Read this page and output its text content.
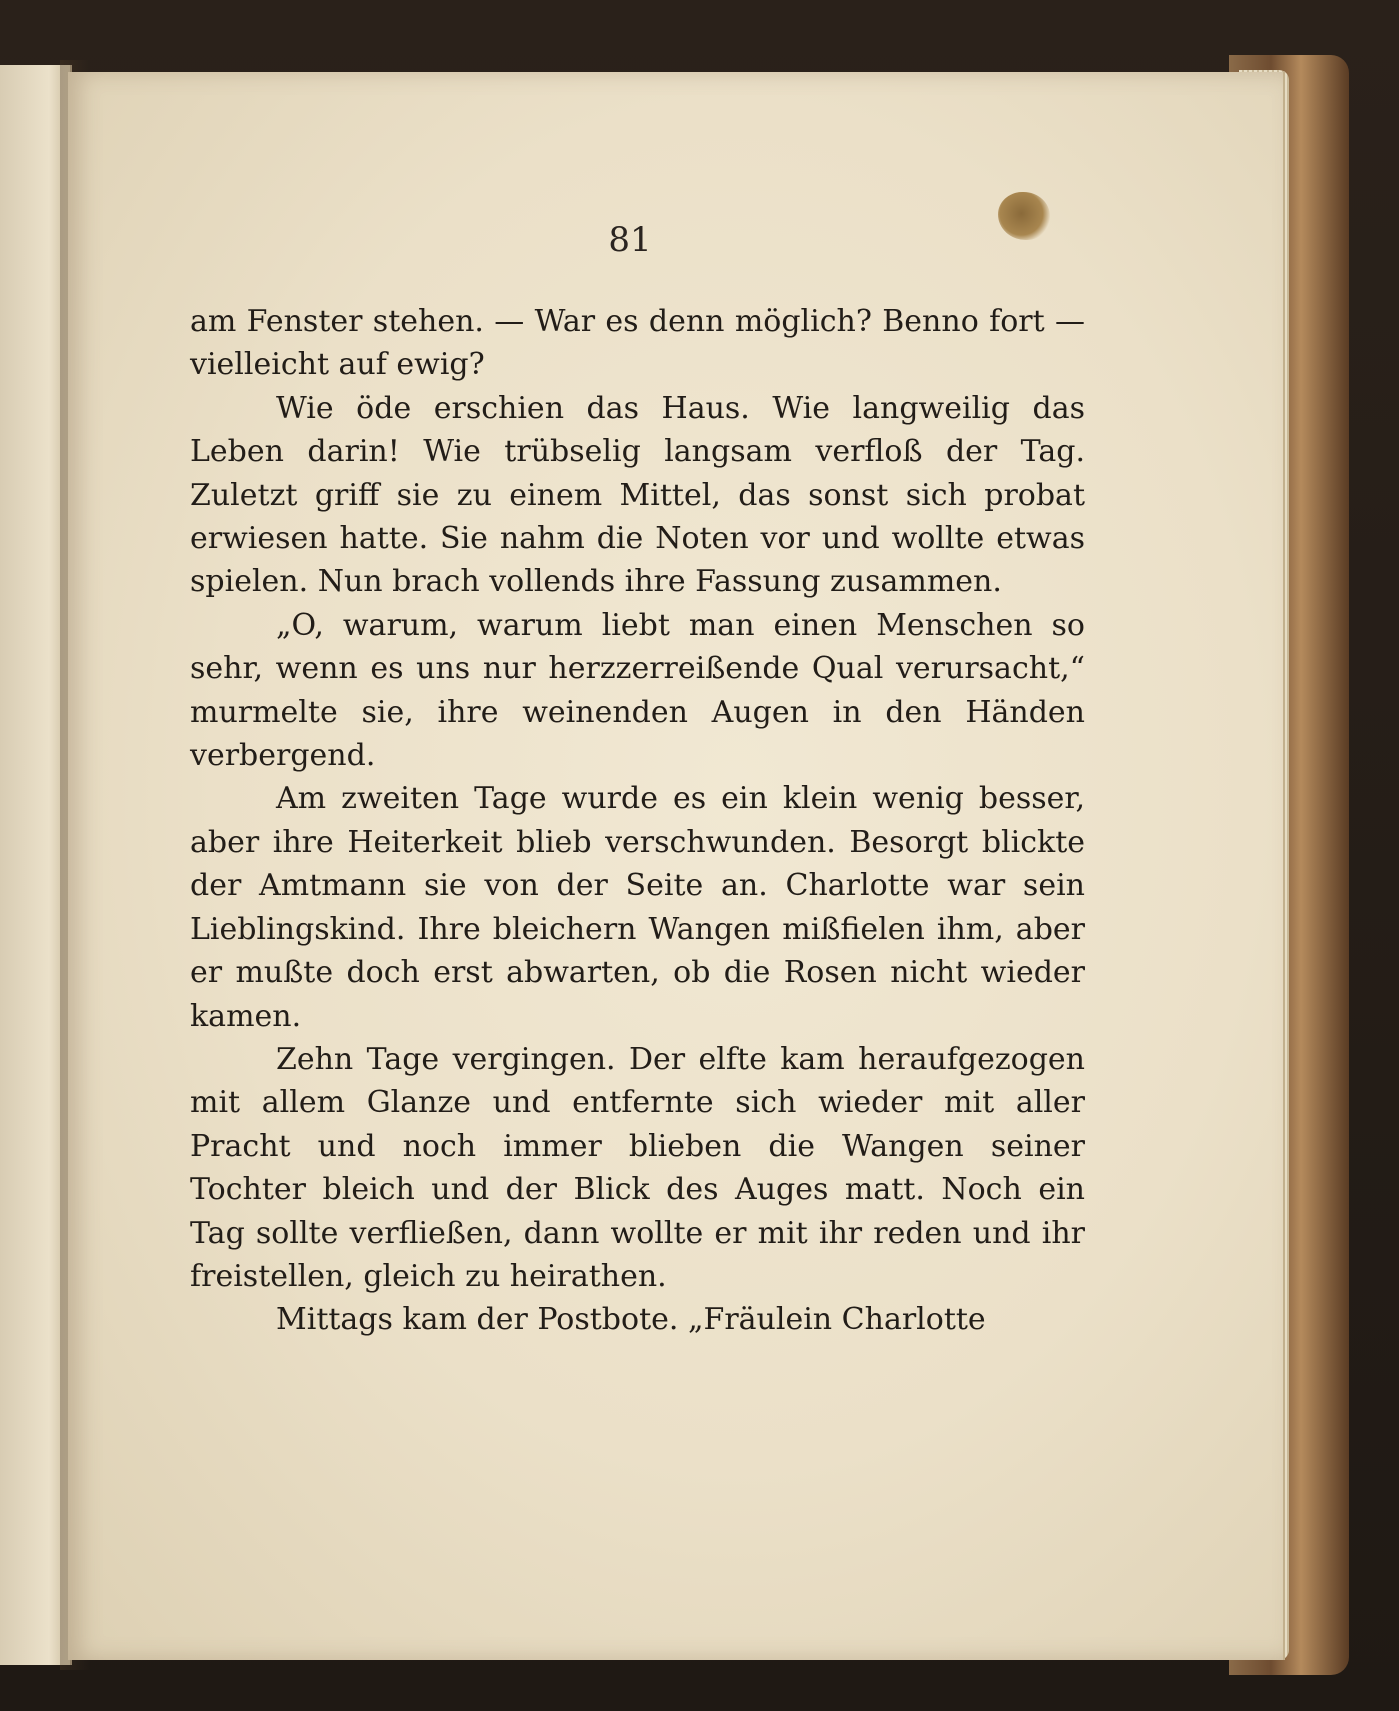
81

am Fenster stehen. — War es denn möglich? Benno fort — vielleicht auf ewig?

Wie öde erschien das Haus. Wie langweilig das Leben darin! Wie trübselig langsam verfloß der Tag. Zuletzt griff sie zu einem Mittel, das sonst sich probat erwiesen hatte. Sie nahm die Noten vor und wollte etwas spielen. Nun brach vollends ihre Fassung zusammen.

„O, warum, warum liebt man einen Menschen so sehr, wenn es uns nur herzzerreißende Qual verursacht,“ murmelte sie, ihre weinenden Augen in den Händen verbergend.

Am zweiten Tage wurde es ein klein wenig besser, aber ihre Heiterkeit blieb verschwunden. Besorgt blickte der Amtmann sie von der Seite an. Charlotte war sein Lieblingskind. Ihre bleichern Wangen mißfielen ihm, aber er mußte doch erst abwarten, ob die Rosen nicht wieder kamen.

Zehn Tage vergingen. Der elfte kam heraufgezogen mit allem Glanze und entfernte sich wieder mit aller Pracht und noch immer blieben die Wangen seiner Tochter bleich und der Blick des Auges matt. Noch ein Tag sollte verfließen, dann wollte er mit ihr reden und ihr freistellen, gleich zu heirathen.

Mittags kam der Postbote. „Fräulein Charlotte
